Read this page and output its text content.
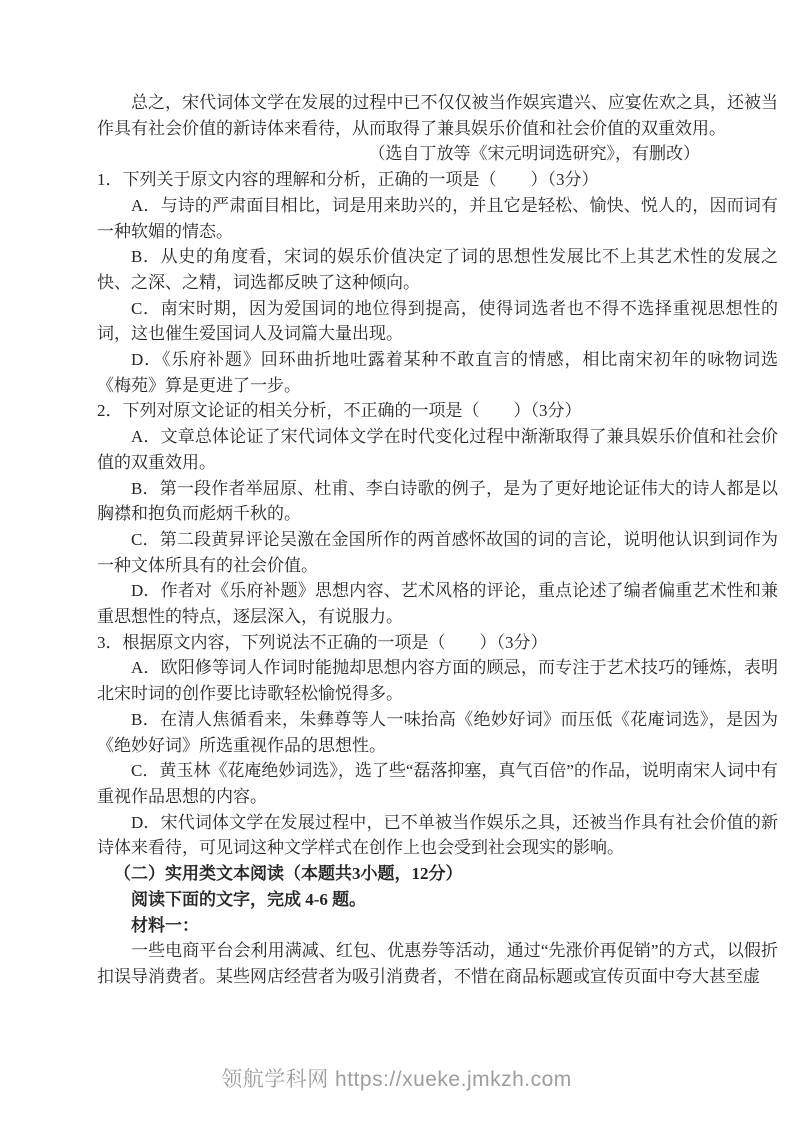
总之，宋代词体文学在发展的过程中已不仅仅被当作娱宾遣兴、应宴佐欢之具，还被当作具有社会价值的新诗体来看待，从而取得了兼具娱乐价值和社会价值的双重效用。

（选自丁放等《宋元明词选研究》，有删改）

1．下列关于原文内容的理解和分析，正确的一项是（　　）（3分）

A．与诗的严肃面目相比，词是用来助兴的，并且它是轻松、愉快、悦人的，因而词有一种软媚的情态。

B．从史的角度看，宋词的娱乐价值决定了词的思想性发展比不上其艺术性的发展之快、之深、之精，词选都反映了这种倾向。

C．南宋时期，因为爱国词的地位得到提高，使得词选者也不得不选择重视思想性的词，这也催生爱国词人及词篇大量出现。

D．《乐府补题》回环曲折地吐露着某种不敢直言的情感，相比南宋初年的咏物词选《梅苑》算是更进了一步。

2．下列对原文论证的相关分析，不正确的一项是（　　）（3分）

A．文章总体论证了宋代词体文学在时代变化过程中渐渐取得了兼具娱乐价值和社会价值的双重效用。

B．第一段作者举屈原、杜甫、李白诗歌的例子，是为了更好地论证伟大的诗人都是以胸襟和抱负而彪炳千秋的。

C．第二段黄昇评论吴激在金国所作的两首感怀故国的词的言论，说明他认识到词作为一种文体所具有的社会价值。

D．作者对《乐府补题》思想内容、艺术风格的评论，重点论述了编者偏重艺术性和兼重思想性的特点，逐层深入，有说服力。

3．根据原文内容，下列说法不正确的一项是（　　）（3分）

A．欧阳修等词人作词时能抛却思想内容方面的顾忌，而专注于艺术技巧的锤炼，表明北宋时词的创作要比诗歌轻松愉悦得多。

B．在清人焦循看来，朱彝尊等人一味抬高《绝妙好词》而压低《花庵词选》，是因为《绝妙好词》所选重视作品的思想性。

C．黄玉林《花庵绝妙词选》，选了些“磊落抑塞，真气百倍”的作品，说明南宋人词中有重视作品思想的内容。

D．宋代词体文学在发展过程中，已不单被当作娱乐之具，还被当作具有社会价值的新诗体来看待，可见词这种文学样式在创作上也会受到社会现实的影响。

（二）实用类文本阅读（本题共3小题，12分）

阅读下面的文字，完成 4-6 题。

材料一：

一些电商平台会利用满减、红包、优惠券等活动，通过“先涨价再促销”的方式，以假折扣误导消费者。某些网店经营者为吸引消费者，不惜在商品标题或宣传页面中夸大甚至虚

领航学科网 https://xueke.jmkzh.com
